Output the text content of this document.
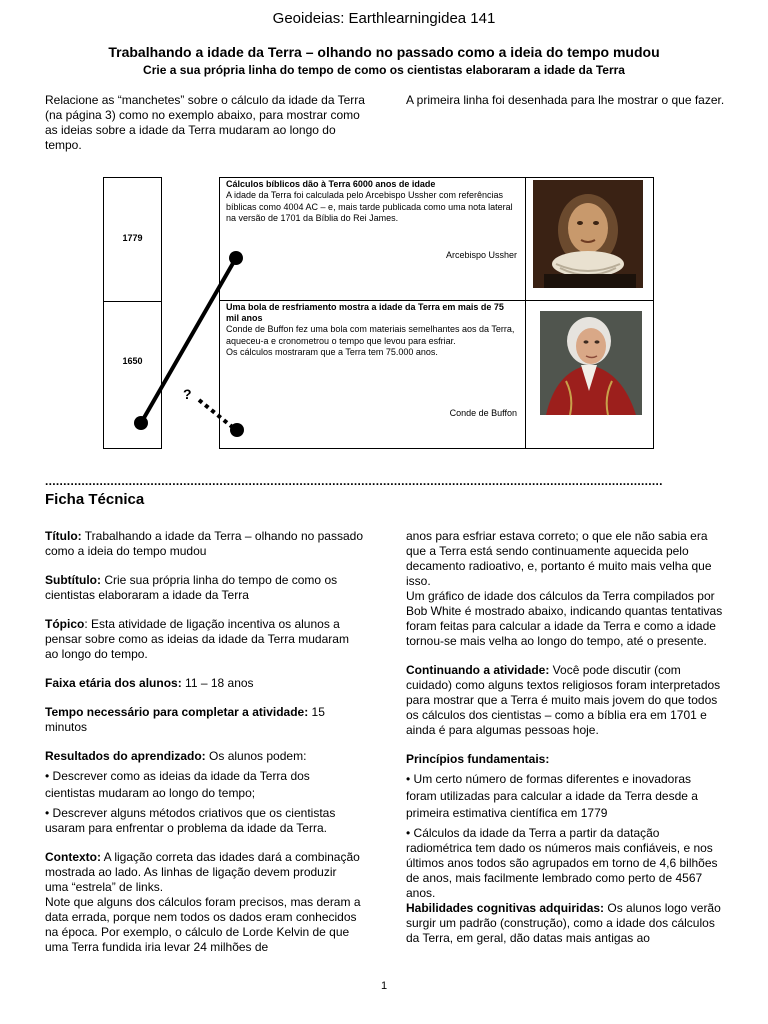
Geoideias: Earthlearningidea 141
Trabalhando a idade da Terra – olhando no passado como a ideia do tempo mudou
Crie a sua própria linha do tempo de como os cientistas elaboraram a idade da Terra
Relacione as “manchetes” sobre o cálculo da idade da Terra (na página 3) como no exemplo abaixo, para mostrar como as ideias sobre a idade da Terra mudaram ao longo do tempo.
A primeira linha foi desenhada para lhe mostrar o que fazer.
1779
1650
Cálculos bíblicos dão à Terra 6000 anos de idade
A idade da Terra foi calculada pelo Arcebispo Ussher com referências bíblicas como 4004 AC – e, mais tarde publicada como uma nota lateral na versão de 1701 da Bíblia do Rei James.
Arcebispo Ussher
Uma bola de resfriamento mostra a idade da Terra em mais de 75 mil anos
Conde de Buffon fez uma bola com materiais semelhantes aos da Terra, aqueceu-a e cronometrou o tempo que levou para esfriar.
Os cálculos mostraram que a Terra tem 75.000 anos.
Conde de Buffon
?
..........................................................................................................................................................................
Ficha Técnica

Título: Trabalhando a idade da Terra – olhando no passado como a ideia do tempo mudou

Subtítulo: Crie sua própria linha do tempo de como os cientistas elaboraram a idade da Terra

Tópico: Esta atividade de ligação incentiva os alunos a pensar sobre como as ideias da idade da Terra mudaram ao longo do tempo.

Faixa etária dos alunos: 11 – 18 anos

Tempo necessário para completar a atividade: 15 minutos

Resultados do aprendizado: Os alunos podem:

• Descrever como as ideias da idade da Terra dos cientistas mudaram ao longo do tempo;

• Descrever alguns métodos criativos que os cientistas usaram para enfrentar o problema da idade da Terra.

Contexto: A ligação correta das idades dará a combinação mostrada ao lado. As linhas de ligação devem produzir uma “estrela” de links.

Note que alguns dos cálculos foram precisos, mas deram a data errada, porque nem todos os dados eram conhecidos na época. Por exemplo, o cálculo de Lorde Kelvin de que uma Terra fundida iria levar 24 milhões de

anos para esfriar estava correto; o que ele não sabia era que a Terra está sendo continuamente aquecida pelo decamento radioativo, e, portanto é muito mais velha que isso.

Um gráfico de idade dos cálculos da Terra compilados por Bob White é mostrado abaixo, indicando quantas tentativas foram feitas para calcular a idade da Terra e como a idade tornou-se mais velha ao longo do tempo, até o presente.

Continuando a atividade: Você pode discutir (com cuidado) como alguns textos religiosos foram interpretados para mostrar que a Terra é muito mais jovem do que todos os cálculos dos cientistas – como a bíblia era em 1701 e ainda é para algumas pessoas hoje.

Princípios fundamentais:

• Um certo número de formas diferentes e inovadoras foram utilizadas para calcular a idade da Terra desde a primeira estimativa científica em 1779

• Cálculos da idade da Terra a partir da datação radiométrica tem dado os números mais confiáveis, e nos últimos anos todos são agrupados em torno de 4,6 bilhões de anos, mais facilmente lembrado como perto de 4567 anos.

Habilidades cognitivas adquiridas: Os alunos logo verão surgir um padrão (construção), como a idade dos cálculos da Terra, em geral, dão datas mais antigas ao

1
